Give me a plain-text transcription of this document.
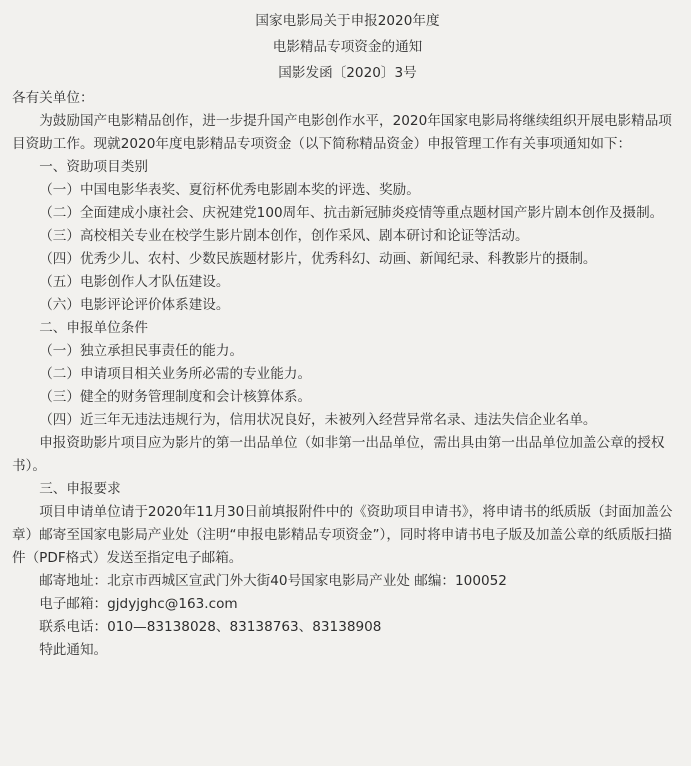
国家电影局关于申报2020年度
电影精品专项资金的通知
国影发函〔2020〕3号

各有关单位：

为鼓励国产电影精品创作，进一步提升国产电影创作水平，2020年国家电影局将继续组织开展电影精品项目资助工作。现就2020年度电影精品专项资金（以下简称精品资金）申报管理工作有关事项通知如下：

一、资助项目类别

（一）中国电影华表奖、夏衍杯优秀电影剧本奖的评选、奖励。

（二）全面建成小康社会、庆祝建党100周年、抗击新冠肺炎疫情等重点题材国产影片剧本创作及摄制。

（三）高校相关专业在校学生影片剧本创作，创作采风、剧本研讨和论证等活动。

（四）优秀少儿、农村、少数民族题材影片，优秀科幻、动画、新闻纪录、科教影片的摄制。

（五）电影创作人才队伍建设。

（六）电影评论评价体系建设。

二、申报单位条件

（一）独立承担民事责任的能力。

（二）申请项目相关业务所必需的专业能力。

（三）健全的财务管理制度和会计核算体系。

（四）近三年无违法违规行为，信用状况良好，未被列入经营异常名录、违法失信企业名单。

申报资助影片项目应为影片的第一出品单位（如非第一出品单位，需出具由第一出品单位加盖公章的授权书）。

三、申报要求

项目申请单位请于2020年11月30日前填报附件中的《资助项目申请书》，将申请书的纸质版（封面加盖公章）邮寄至国家电影局产业处（注明“申报电影精品专项资金”），同时将申请书电子版及加盖公章的纸质版扫描件（PDF格式）发送至指定电子邮箱。

邮寄地址：北京市西城区宣武门外大街40号国家电影局产业处 邮编：100052

电子邮箱：gjdyjghc@163.com

联系电话：010—83138028、83138763、83138908

特此通知。
